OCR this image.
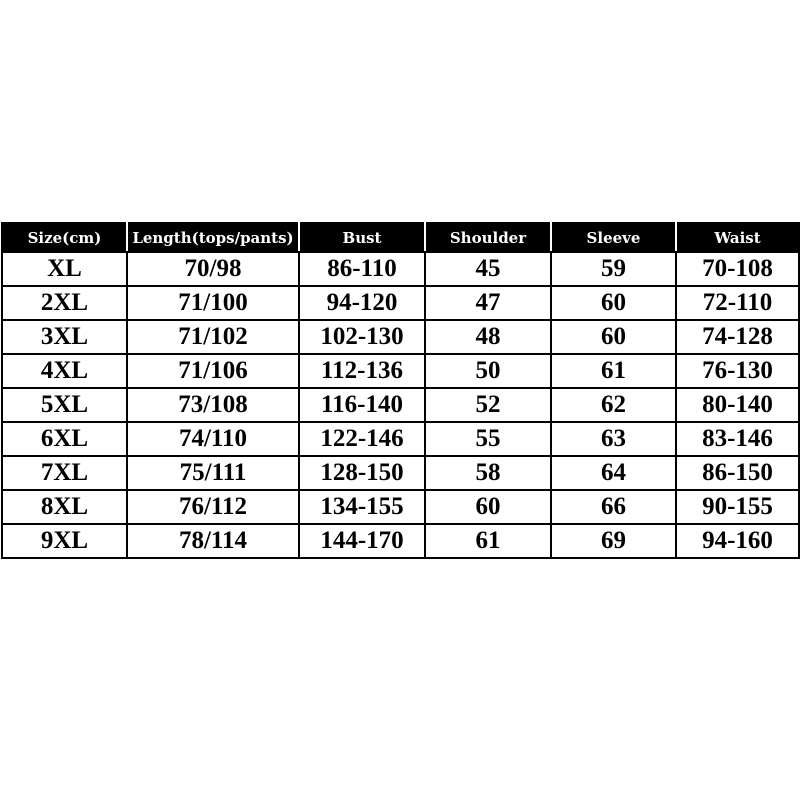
Size(cm)	Length(tops/pants)	Bust	Shoulder	Sleeve	Waist
XL	70/98	86-110	45	59	70-108
2XL	71/100	94-120	47	60	72-110
3XL	71/102	102-130	48	60	74-128
4XL	71/106	112-136	50	61	76-130
5XL	73/108	116-140	52	62	80-140
6XL	74/110	122-146	55	63	83-146
7XL	75/111	128-150	58	64	86-150
8XL	76/112	134-155	60	66	90-155
9XL	78/114	144-170	61	69	94-160
